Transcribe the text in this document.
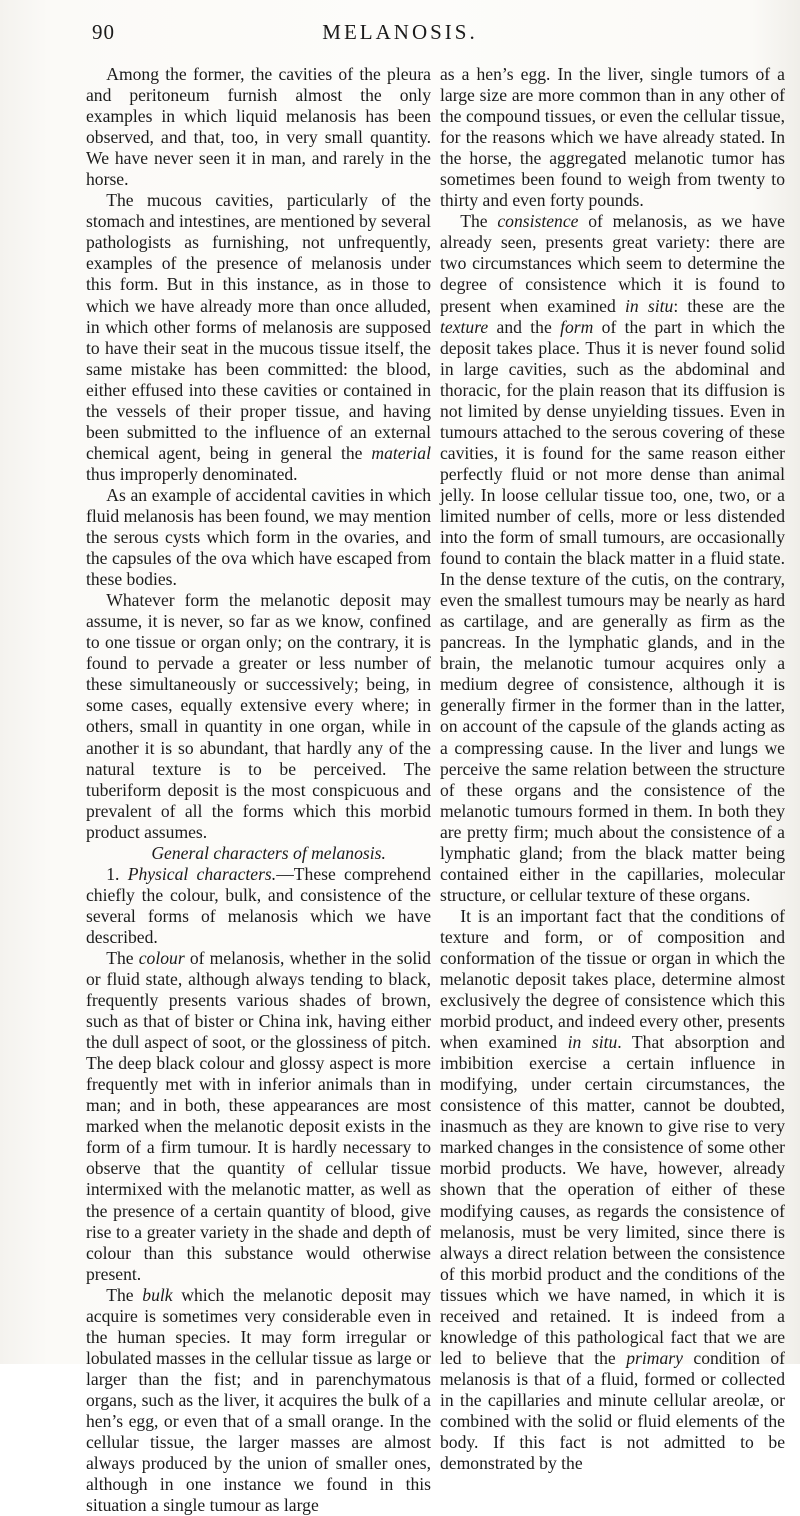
90	MELANOSIS.

Among the former, the cavities of the pleura and peritoneum furnish almost the only examples in which liquid melanosis has been observed, and that, too, in very small quantity. We have never seen it in man, and rarely in the horse.

The mucous cavities, particularly of the stomach and intestines, are mentioned by several pathologists as furnishing, not unfrequently, examples of the presence of melanosis under this form. But in this instance, as in those to which we have already more than once alluded, in which other forms of melanosis are supposed to have their seat in the mucous tissue itself, the same mistake has been committed: the blood, either effused into these cavities or contained in the vessels of their proper tissue, and having been submitted to the influence of an external chemical agent, being in general the material thus improperly denominated.

As an example of accidental cavities in which fluid melanosis has been found, we may mention the serous cysts which form in the ovaries, and the capsules of the ova which have escaped from these bodies.

Whatever form the melanotic deposit may assume, it is never, so far as we know, confined to one tissue or organ only; on the contrary, it is found to pervade a greater or less number of these simultaneously or successively; being, in some cases, equally extensive every where; in others, small in quantity in one organ, while in another it is so abundant, that hardly any of the natural texture is to be perceived. The tuberiform deposit is the most conspicuous and prevalent of all the forms which this morbid product assumes.

General characters of melanosis.

1. Physical characters.—These comprehend chiefly the colour, bulk, and consistence of the several forms of melanosis which we have described.

The colour of melanosis, whether in the solid or fluid state, although always tending to black, frequently presents various shades of brown, such as that of bister or China ink, having either the dull aspect of soot, or the glossiness of pitch. The deep black colour and glossy aspect is more frequently met with in inferior animals than in man; and in both, these appearances are most marked when the melanotic deposit exists in the form of a firm tumour. It is hardly necessary to observe that the quantity of cellular tissue intermixed with the melanotic matter, as well as the presence of a certain quantity of blood, give rise to a greater variety in the shade and depth of colour than this substance would otherwise present.

The bulk which the melanotic deposit may acquire is sometimes very considerable even in the human species. It may form irregular or lobulated masses in the cellular tissue as large or larger than the fist; and in parenchymatous organs, such as the liver, it acquires the bulk of a hen’s egg, or even that of a small orange. In the cellular tissue, the larger masses are almost always produced by the union of smaller ones, although in one instance we found in this situation a single tumour as large

as a hen’s egg. In the liver, single tumors of a large size are more common than in any other of the compound tissues, or even the cellular tissue, for the reasons which we have already stated. In the horse, the aggregated melanotic tumor has sometimes been found to weigh from twenty to thirty and even forty pounds.

The consistence of melanosis, as we have already seen, presents great variety: there are two circumstances which seem to determine the degree of consistence which it is found to present when examined in situ: these are the texture and the form of the part in which the deposit takes place. Thus it is never found solid in large cavities, such as the abdominal and thoracic, for the plain reason that its diffusion is not limited by dense unyielding tissues. Even in tumours attached to the serous covering of these cavities, it is found for the same reason either perfectly fluid or not more dense than animal jelly. In loose cellular tissue too, one, two, or a limited number of cells, more or less distended into the form of small tumours, are occasionally found to contain the black matter in a fluid state. In the dense texture of the cutis, on the contrary, even the smallest tumours may be nearly as hard as cartilage, and are generally as firm as the pancreas. In the lymphatic glands, and in the brain, the melanotic tumour acquires only a medium degree of consistence, although it is generally firmer in the former than in the latter, on account of the capsule of the glands acting as a compressing cause. In the liver and lungs we perceive the same relation between the structure of these organs and the consistence of the melanotic tumours formed in them. In both they are pretty firm; much about the consistence of a lymphatic gland; from the black matter being contained either in the capillaries, molecular structure, or cellular texture of these organs.

It is an important fact that the conditions of texture and form, or of composition and conformation of the tissue or organ in which the melanotic deposit takes place, determine almost exclusively the degree of consistence which this morbid product, and indeed every other, presents when examined in situ. That absorption and imbibition exercise a certain influence in modifying, under certain circumstances, the consistence of this matter, cannot be doubted, inasmuch as they are known to give rise to very marked changes in the consistence of some other morbid products. We have, however, already shown that the operation of either of these modifying causes, as regards the consistence of melanosis, must be very limited, since there is always a direct relation between the consistence of this morbid product and the conditions of the tissues which we have named, in which it is received and retained. It is indeed from a knowledge of this pathological fact that we are led to believe that the primary condition of melanosis is that of a fluid, formed or collected in the capillaries and minute cellular areolæ, or combined with the solid or fluid elements of the body. If this fact is not admitted to be demonstrated by the
